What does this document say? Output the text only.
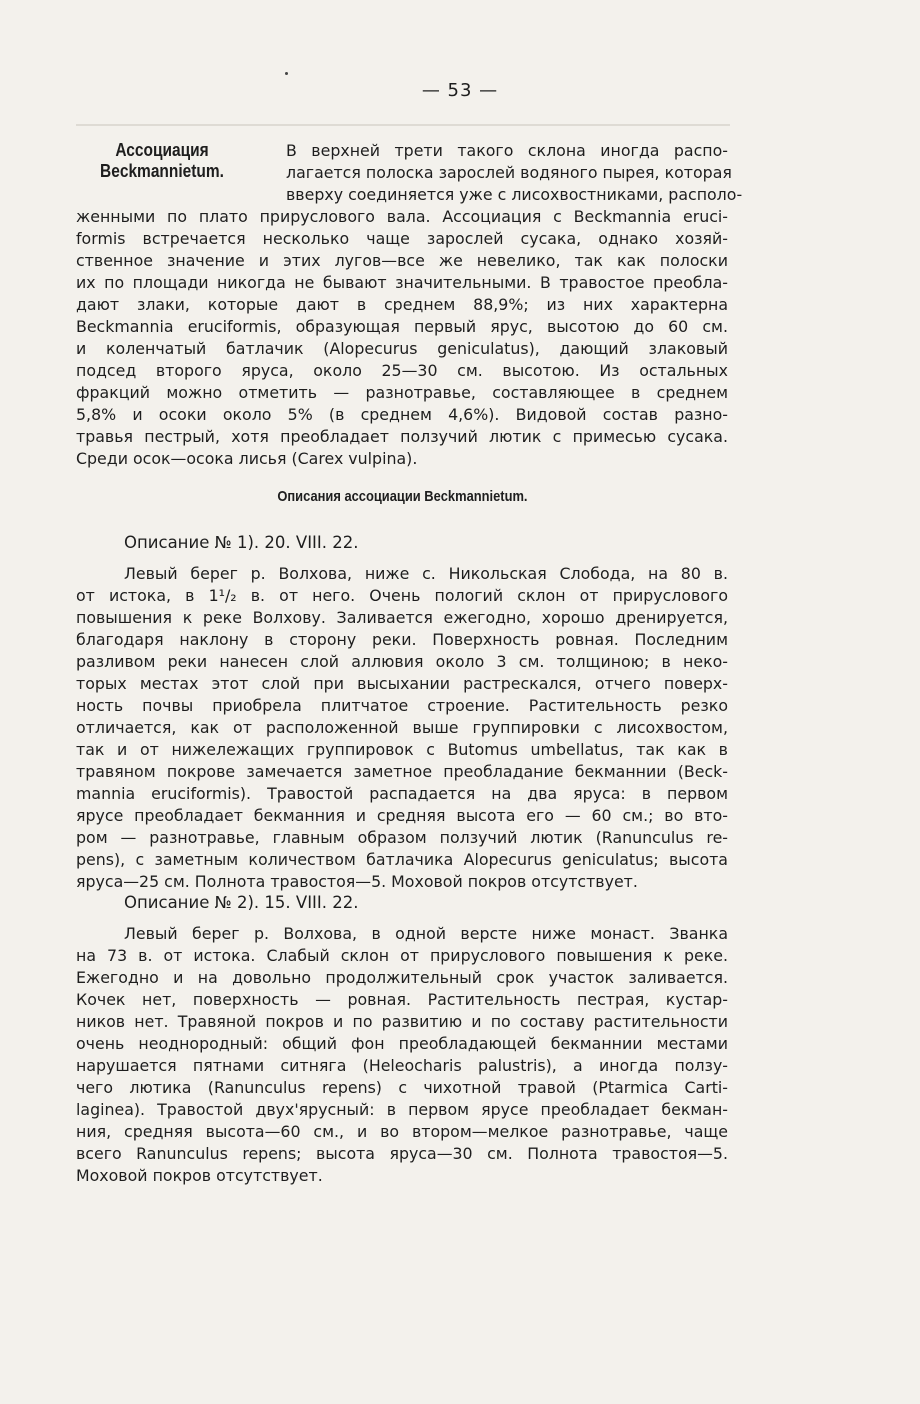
— 53 —
Ассоциация
Beckmannietum.
В верхней трети такого склона иногда распо-
лагается полоска зарослей водяного пырея, которая
вверху соединяется уже с лисохвостниками, располо-
женными по плато прируслового вала. Ассоциация с Beckmannia eruci-
formis встречается несколько чаще зарослей сусака, однако хозяй-
ственное значение и этих лугов—все же невелико, так как полоски
их по площади никогда не бывают значительными. В травостое преобла-
дают злаки, которые дают в среднем 88,9%; из них характерна
Beckmannia eruciformis, образующая первый ярус, высотою до 60 см.
и коленчатый батлачик (Alopecurus geniculatus), дающий злаковый
подсед второго яруса, около 25—30 см. высотою. Из остальных
фракций можно отметить — разнотравье, составляющее в среднем
5,8% и осоки около 5% (в среднем 4,6%). Видовой состав разно-
травья пестрый, хотя преобладает ползучий лютик с примесью сусака.
Среди осок—осока лисья (Carex vulpina).
Описания ассоциации Beckmannietum.
Описание № 1). 20. VIII. 22.
Левый берег р. Волхова, ниже с. Никольская Слобода, на 80 в.
от истока, в 1¹/₂ в. от него. Очень пологий склон от прируслового
повышения к реке Волхову. Заливается ежегодно, хорошо дренируется,
благодаря наклону в сторону реки. Поверхность ровная. Последним
разливом реки нанесен слой аллювия около 3 см. толщиною; в неко-
торых местах этот слой при высыхании растрескался, отчего поверх-
ность почвы приобрела плитчатое строение. Растительность резко
отличается, как от расположенной выше группировки с лисохвостом,
так и от нижележащих группировок с Butomus umbellatus, так как в
травяном покрове замечается заметное преобладание бекманнии (Beck-
mannia eruciformis). Травостой распадается на два яруса: в первом
ярусе преобладает бекманния и средняя высота его — 60 см.; во вто-
ром — разнотравье, главным образом ползучий лютик (Ranunculus re-
pens), с заметным количеством батлачика Alopecurus geniculatus; высота
яруса—25 см. Полнота травостоя—5. Моховой покров отсутствует.
Описание № 2). 15. VIII. 22.
Левый берег р. Волхова, в одной версте ниже монаст. Званка
на 73 в. от истока. Слабый склон от прируслового повышения к реке.
Ежегодно и на довольно продолжительный срок участок заливается.
Кочек нет, поверхность — ровная. Растительность пестрая, кустар-
ников нет. Травяной покров и по развитию и по составу растительности
очень неоднородный: общий фон преобладающей бекманнии местами
нарушается пятнами ситняга (Heleocharis palustris), а иногда ползу-
чего лютика (Ranunculus repens) с чихотной травой (Ptarmica Carti-
laginea). Травостой двух'ярусный: в первом ярусе преобладает бекман-
ния, средняя высота—60 см., и во втором—мелкое разнотравье, чаще
всего Ranunculus repens; высота яруса—30 см. Полнота травостоя—5.
Моховой покров отсутствует.
